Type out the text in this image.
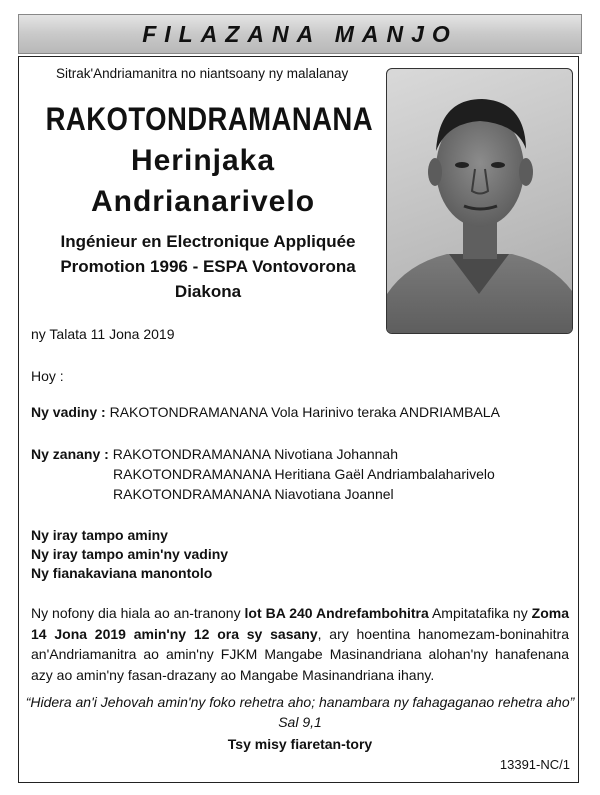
FILAZANA MANJO
Sitrak'Andriamanitra no niantsoany ny malalanay
RAKOTONDRAMANANA
Herinjaka
Andrianarivelo
Ingénieur en Electronique Appliquée
Promotion 1996 - ESPA Vontovorona
Diakona
ny Talata 11 Jona 2019
Hoy :
Ny vadiny : RAKOTONDRAMANANA Vola Harinivo teraka ANDRIAMBALA
Ny zanany : RAKOTONDRAMANANA Nivotiana Johannah
RAKOTONDRAMANANA Heritiana Gaël Andriambalaharivelo
RAKOTONDRAMANANA Niavotiana Joannel
Ny iray tampo aminy
Ny iray tampo amin'ny vadiny
Ny fianakaviana manontolo
Ny nofony dia hiala ao an-tranony lot BA 240 Andrefambohitra Ampitatafika ny Zoma 14 Jona 2019 amin'ny 12 ora sy sasany, ary hoentina hanomezam-boninahitra an'Andriamanitra ao amin'ny FJKM Mangabe Masinandriana alohan'ny hanafenana azy ao amin'ny fasan-drazany ao Mangabe Masinandriana ihany.
“Hidera an'i Jehovah amin'ny foko rehetra aho; hanambara ny fahagaganao rehetra aho”
Sal 9,1
Tsy misy fiaretan-tory
13391-NC/1
